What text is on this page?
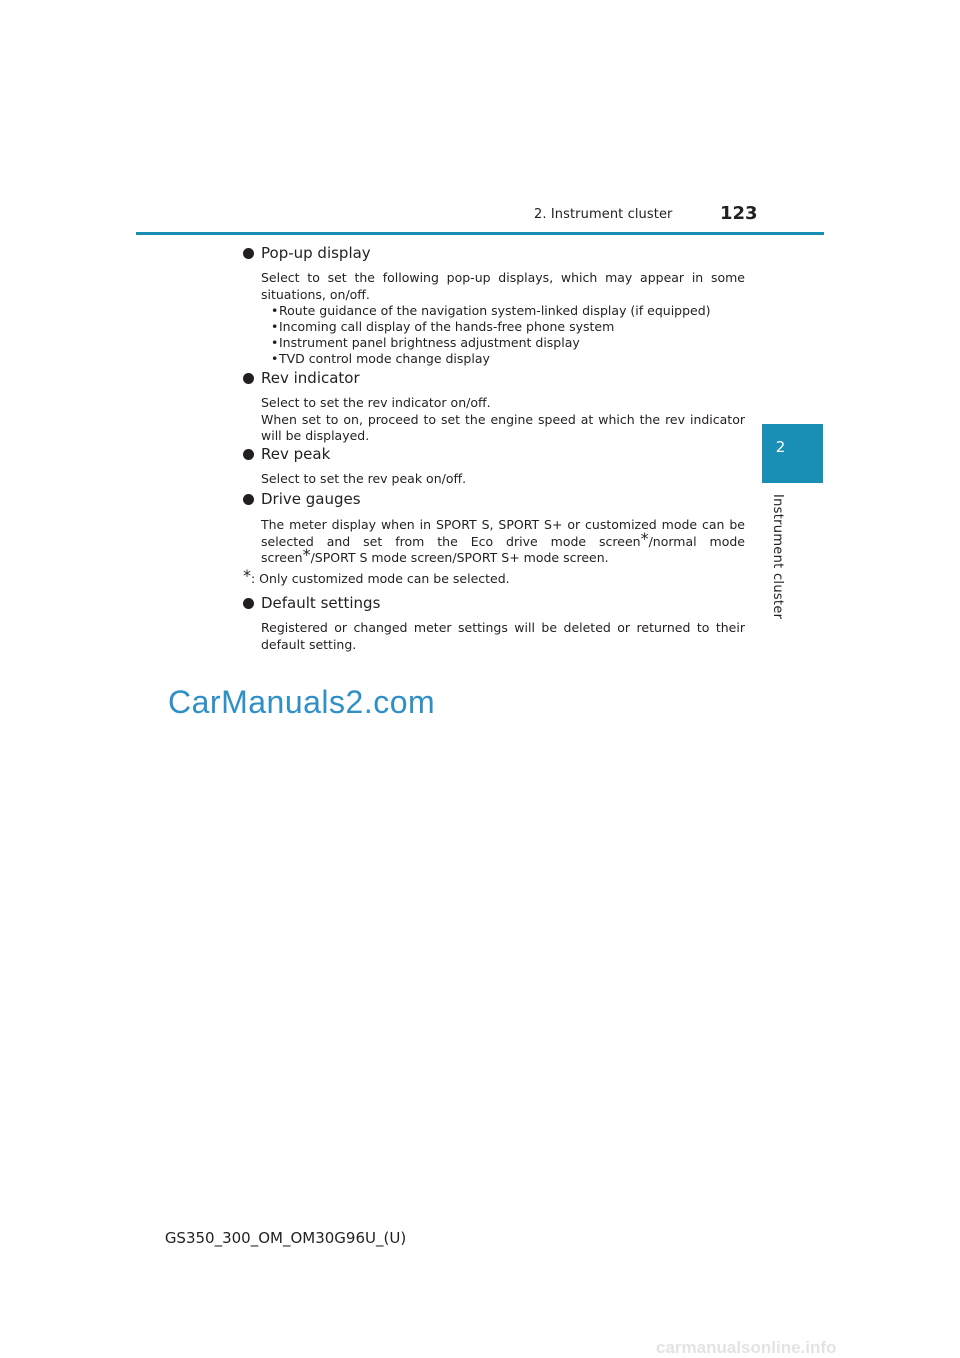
2. Instrument cluster	123
2
Instrument cluster
Pop-up display

Select to set the following pop-up displays, which may appear in some situations, on/off.

• Route guidance of the navigation system-linked display (if equipped)
• Incoming call display of the hands-free phone system
• Instrument panel brightness adjustment display
• TVD control mode change display
Rev indicator

Select to set the rev indicator on/off.

When set to on, proceed to set the engine speed at which the rev indicator will be displayed.

Rev peak

Select to set the rev peak on/off.

Drive gauges

The meter display when in SPORT S, SPORT S+ or customized mode can be selected and set from the Eco drive mode screen*/normal mode screen*/SPORT S mode screen/SPORT S+ mode screen.

*: Only customized mode can be selected.
Default settings

Registered or changed meter settings will be deleted or returned to their default setting.

CarManuals2.com
GS350_300_OM_OM30G96U_(U)
carmanualsonline.info
